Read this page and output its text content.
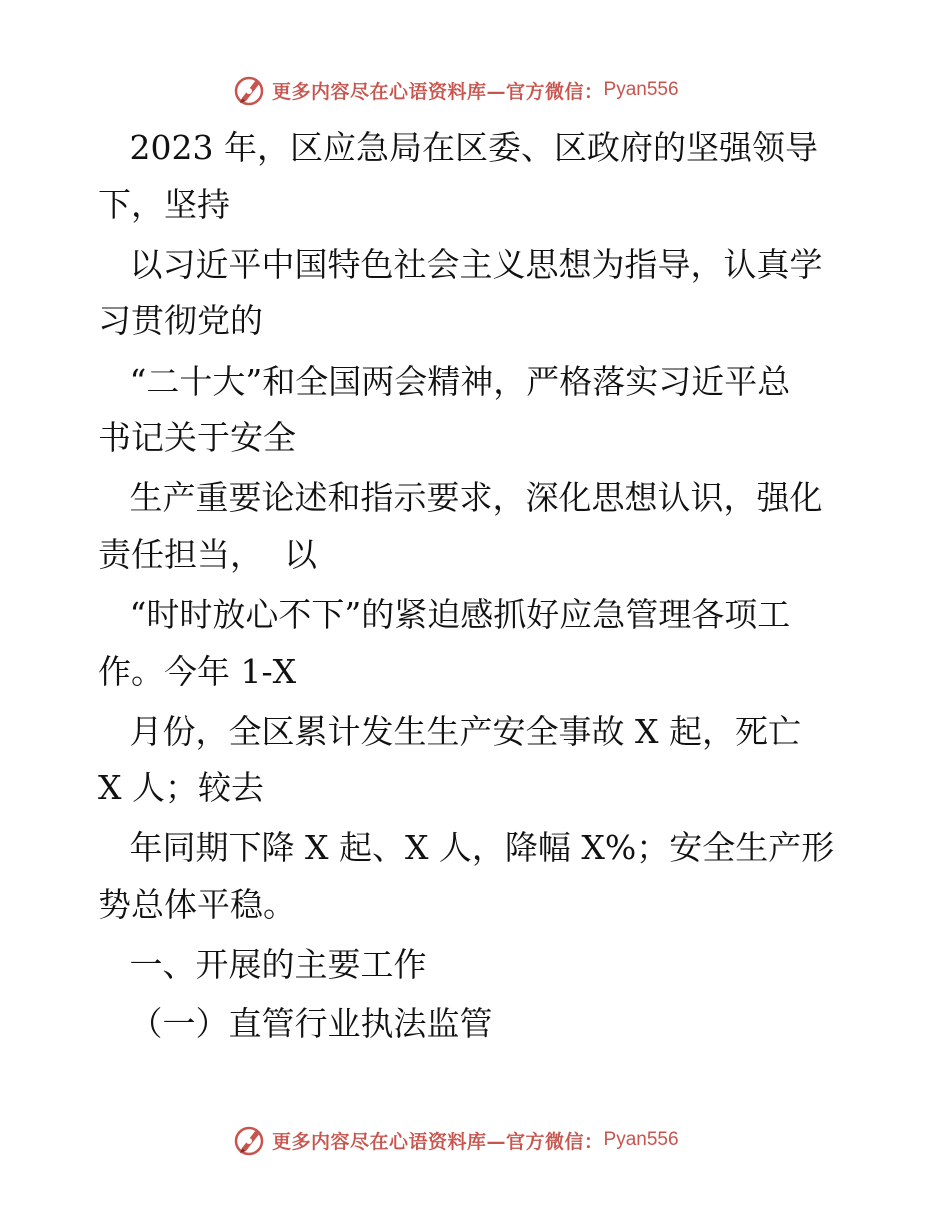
更多内容尽在心语资料库—官方微信： Pyan556
2023 年，区应急局在区委、区政府的坚强领导
下，坚持
以习近平中国特色社会主义思想为指导，认真学
习贯彻党的
“二十大”和全国两会精神，严格落实习近平总
书记关于安全
生产重要论述和指示要求，深化思想认识，强化
责任担当，  以
“时时放心不下”的紧迫感抓好应急管理各项工
作。今年 1-X
月份，全区累计发生生产安全事故 X 起，死亡
X 人；较去
年同期下降 X 起、X 人，降幅 X%；安全生产形
势总体平稳。
一、开展的主要工作
（一）直管行业执法监管
更多内容尽在心语资料库—官方微信： Pyan556
